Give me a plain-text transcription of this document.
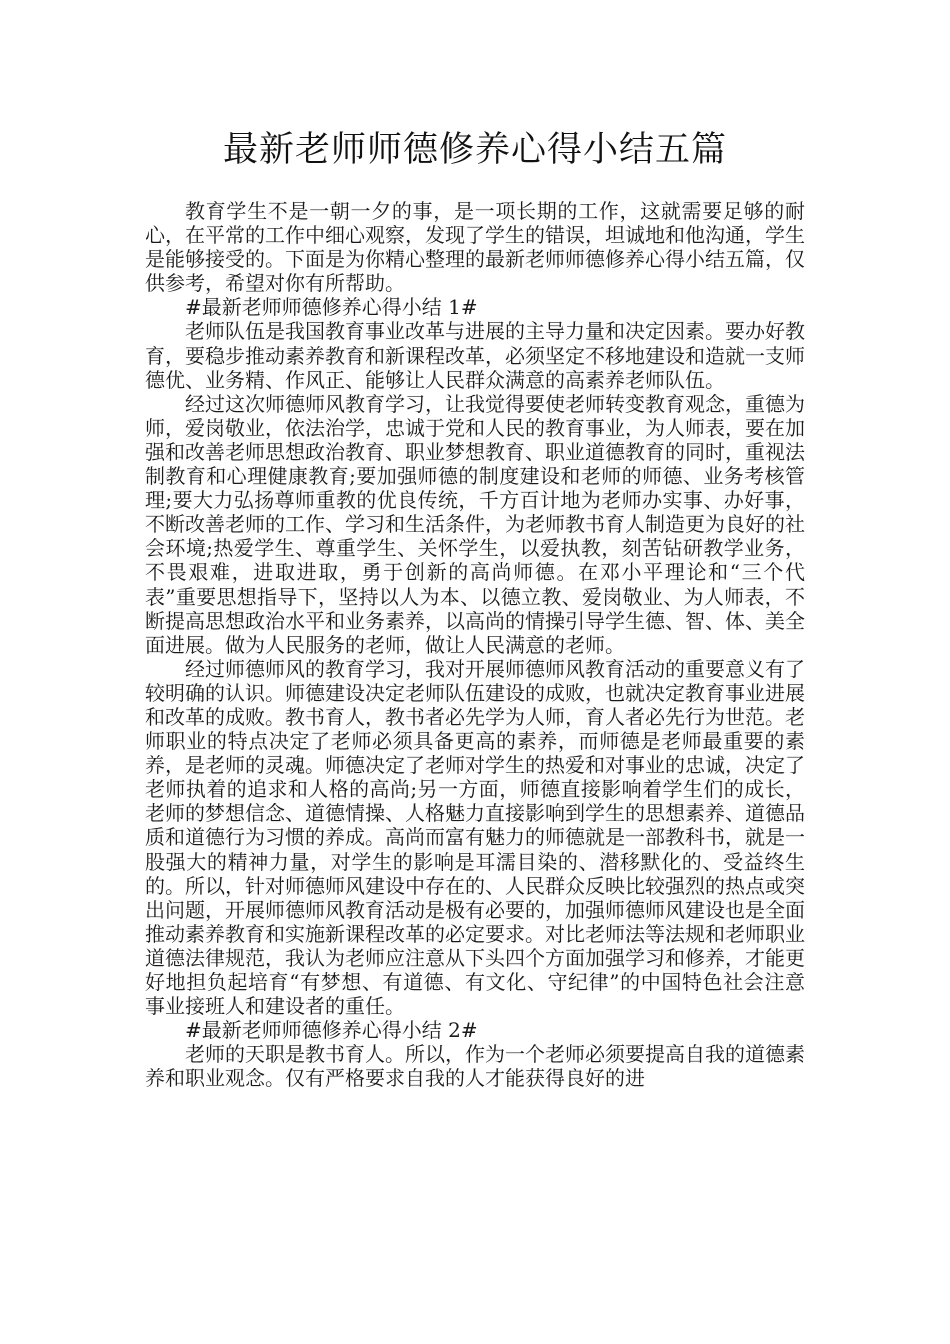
最新老师师德修养心得小结五篇

教育学生不是一朝一夕的事，是一项长期的工作，这就需要足够的耐心，在平常的工作中细心观察，发现了学生的错误，坦诚地和他沟通，学生是能够接受的。下面是为你精心整理的最新老师师德修养心得小结五篇，仅供参考，希望对你有所帮助。

#最新老师师德修养心得小结 1#

老师队伍是我国教育事业改革与进展的主导力量和决定因素。要办好教育，要稳步推动素养教育和新课程改革，必须坚定不移地建设和造就一支师德优、业务精、作风正、能够让人民群众满意的高素养老师队伍。

经过这次师德师风教育学习，让我觉得要使老师转变教育观念，重德为师，爱岗敬业，依法治学，忠诚于党和人民的教育事业，为人师表，要在加强和改善老师思想政治教育、职业梦想教育、职业道德教育的同时，重视法制教育和心理健康教育;要加强师德的制度建设和老师的师德、业务考核管理;要大力弘扬尊师重教的优良传统，千方百计地为老师办实事、办好事，不断改善老师的工作、学习和生活条件，为老师教书育人制造更为良好的社会环境;热爱学生、尊重学生、关怀学生，以爱执教，刻苦钻研教学业务，不畏艰难，进取进取，勇于创新的高尚师德。在邓小平理论和“三个代表”重要思想指导下，坚持以人为本、以德立教、爱岗敬业、为人师表，不断提高思想政治水平和业务素养，以高尚的情操引导学生德、智、体、美全面进展。做为人民服务的老师，做让人民满意的老师。

经过师德师风的教育学习，我对开展师德师风教育活动的重要意义有了较明确的认识。师德建设决定老师队伍建设的成败，也就决定教育事业进展和改革的成败。教书育人，教书者必先学为人师，育人者必先行为世范。老师职业的特点决定了老师必须具备更高的素养，而师德是老师最重要的素养，是老师的灵魂。师德决定了老师对学生的热爱和对事业的忠诚，决定了老师执着的追求和人格的高尚;另一方面，师德直接影响着学生们的成长，老师的梦想信念、道德情操、人格魅力直接影响到学生的思想素养、道德品质和道德行为习惯的养成。高尚而富有魅力的师德就是一部教科书，就是一股强大的精神力量，对学生的影响是耳濡目染的、潜移默化的、受益终生的。所以，针对师德师风建设中存在的、人民群众反映比较强烈的热点或突出问题，开展师德师风教育活动是极有必要的，加强师德师风建设也是全面推动素养教育和实施新课程改革的必定要求。对比老师法等法规和老师职业道德法律规范，我认为老师应注意从下头四个方面加强学习和修养，才能更好地担负起培育“有梦想、有道德、有文化、守纪律”的中国特色社会注意事业接班人和建设者的重任。

#最新老师师德修养心得小结 2#

老师的天职是教书育人。所以，作为一个老师必须要提高自我的道德素养和职业观念。仅有严格要求自我的人才能获得良好的进
